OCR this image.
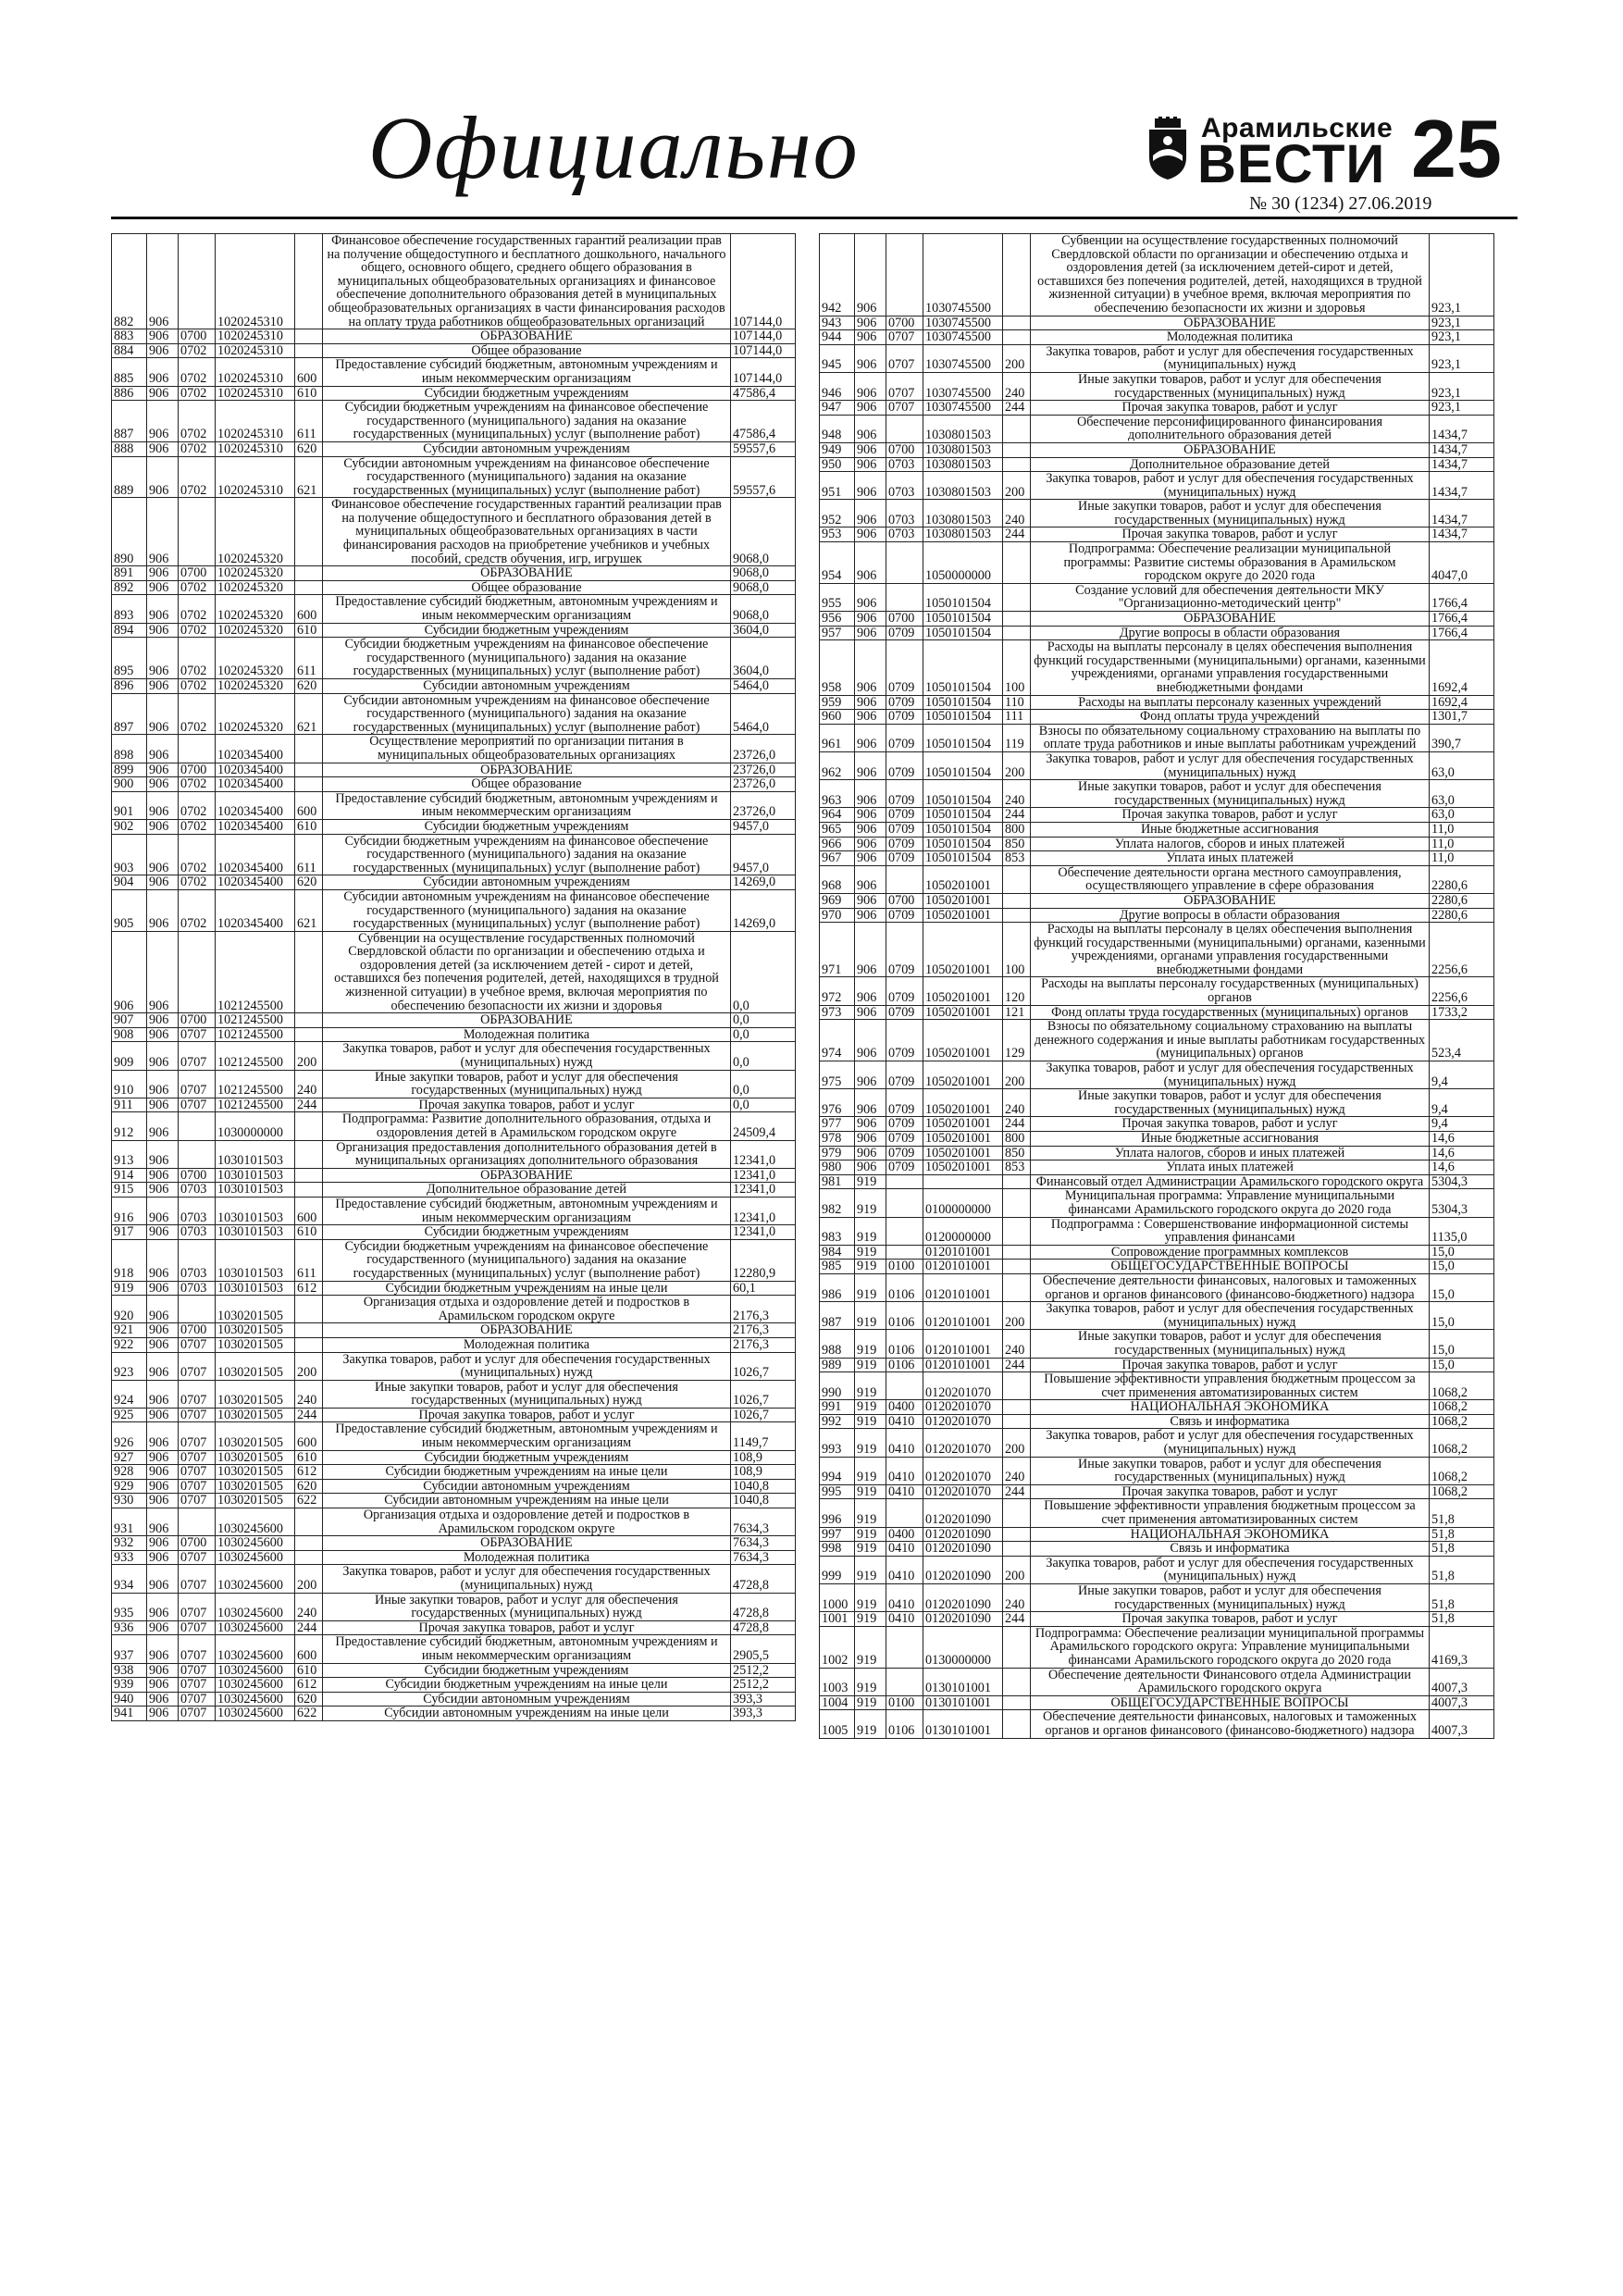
Официально	Арамильские
ВЕСТИ
№ 30 (1234) 27.06.2019
25
882	906		1020245310		Финансовое обеспечение государственных гарантий реализации прав на получение общедоступного и бесплатного дошкольного, начального общего, основного общего, среднего общего образования в муниципальных общеобразовательных организациях и финансовое обеспечение дополнительного образования детей в муниципальных общеобразовательных организациях в части финансирования расходов на оплату труда работников общеобразовательных организаций	107144,0
883	906	0700	1020245310		ОБРАЗОВАНИЕ	107144,0
884	906	0702	1020245310		Общее образование	107144,0
885	906	0702	1020245310	600	Предоставление субсидий бюджетным, автономным учреждениям и иным некоммерческим организациям	107144,0
886	906	0702	1020245310	610	Субсидии бюджетным учреждениям	47586,4
887	906	0702	1020245310	611	Субсидии бюджетным учреждениям на финансовое обеспечение государственного (муниципального) задания на оказание государственных (муниципальных) услуг (выполнение работ)	47586,4
888	906	0702	1020245310	620	Субсидии автономным учреждениям	59557,6
889	906	0702	1020245310	621	Субсидии автономным учреждениям на финансовое обеспечение государственного (муниципального) задания на оказание государственных (муниципальных) услуг (выполнение работ)	59557,6
890	906		1020245320		Финансовое обеспечение государственных гарантий реализации прав на получение общедоступного и бесплатного образования детей в муниципальных общеобразовательных организациях в части финансирования расходов на приобретение учебников и учебных пособий, средств обучения, игр, игрушек	9068,0
891	906	0700	1020245320		ОБРАЗОВАНИЕ	9068,0
892	906	0702	1020245320		Общее образование	9068,0
893	906	0702	1020245320	600	Предоставление субсидий бюджетным, автономным учреждениям и иным некоммерческим организациям	9068,0
894	906	0702	1020245320	610	Субсидии бюджетным учреждениям	3604,0
895	906	0702	1020245320	611	Субсидии бюджетным учреждениям на финансовое обеспечение государственного (муниципального) задания на оказание государственных (муниципальных) услуг (выполнение работ)	3604,0
896	906	0702	1020245320	620	Субсидии автономным учреждениям	5464,0
897	906	0702	1020245320	621	Субсидии автономным учреждениям на финансовое обеспечение государственного (муниципального) задания на оказание государственных (муниципальных) услуг (выполнение работ)	5464,0
898	906		1020345400		Осуществление мероприятий по организации питания в муниципальных общеобразовательных организациях	23726,0
899	906	0700	1020345400		ОБРАЗОВАНИЕ	23726,0
900	906	0702	1020345400		Общее образование	23726,0
901	906	0702	1020345400	600	Предоставление субсидий бюджетным, автономным учреждениям и иным некоммерческим организациям	23726,0
902	906	0702	1020345400	610	Субсидии бюджетным учреждениям	9457,0
903	906	0702	1020345400	611	Субсидии бюджетным учреждениям на финансовое обеспечение государственного (муниципального) задания на оказание государственных (муниципальных) услуг (выполнение работ)	9457,0
904	906	0702	1020345400	620	Субсидии автономным учреждениям	14269,0
905	906	0702	1020345400	621	Субсидии автономным учреждениям на финансовое обеспечение государственного (муниципального) задания на оказание государственных (муниципальных) услуг (выполнение работ)	14269,0
906	906		1021245500		Субвенции на осуществление государственных полномочий Свердловской области по организации и обеспечению отдыха и оздоровления детей (за исключением детей - сирот и детей, оставшихся без попечения родителей, детей, находящихся в трудной жизненной ситуации) в учебное время, включая мероприятия по обеспечению безопасности их жизни и здоровья	0,0
907	906	0700	1021245500		ОБРАЗОВАНИЕ	0,0
908	906	0707	1021245500		Молодежная политика	0,0
909	906	0707	1021245500	200	Закупка товаров, работ и услуг для обеспечения государственных (муниципальных) нужд	0,0
910	906	0707	1021245500	240	Иные закупки товаров, работ и услуг для обеспечения государственных (муниципальных) нужд	0,0
911	906	0707	1021245500	244	Прочая закупка товаров, работ и услуг	0,0
912	906		1030000000		Подпрограмма: Развитие дополнительного образования, отдыха и оздоровления детей в Арамильском городском округе	24509,4
913	906		1030101503		Организация предоставления дополнительного образования детей в муниципальных организациях дополнительного образования	12341,0
914	906	0700	1030101503		ОБРАЗОВАНИЕ	12341,0
915	906	0703	1030101503		Дополнительное образование детей	12341,0
916	906	0703	1030101503	600	Предоставление субсидий бюджетным, автономным учреждениям и иным некоммерческим организациям	12341,0
917	906	0703	1030101503	610	Субсидии бюджетным учреждениям	12341,0
918	906	0703	1030101503	611	Субсидии бюджетным учреждениям на финансовое обеспечение государственного (муниципального) задания на оказание государственных (муниципальных) услуг (выполнение работ)	12280,9
919	906	0703	1030101503	612	Субсидии бюджетным учреждениям на иные цели	60,1
920	906		1030201505		Организация отдыха и оздоровление детей и подростков в Арамильском городском округе	2176,3
921	906	0700	1030201505		ОБРАЗОВАНИЕ	2176,3
922	906	0707	1030201505		Молодежная политика	2176,3
923	906	0707	1030201505	200	Закупка товаров, работ и услуг для обеспечения государственных (муниципальных) нужд	1026,7
924	906	0707	1030201505	240	Иные закупки товаров, работ и услуг для обеспечения государственных (муниципальных) нужд	1026,7
925	906	0707	1030201505	244	Прочая закупка товаров, работ и услуг	1026,7
926	906	0707	1030201505	600	Предоставление субсидий бюджетным, автономным учреждениям и иным некоммерческим организациям	1149,7
927	906	0707	1030201505	610	Субсидии бюджетным учреждениям	108,9
928	906	0707	1030201505	612	Субсидии бюджетным учреждениям на иные цели	108,9
929	906	0707	1030201505	620	Субсидии автономным учреждениям	1040,8
930	906	0707	1030201505	622	Субсидии автономным учреждениям на иные цели	1040,8
931	906		1030245600		Организация отдыха и оздоровление детей и подростков в Арамильском городском округе	7634,3
932	906	0700	1030245600		ОБРАЗОВАНИЕ	7634,3
933	906	0707	1030245600		Молодежная политика	7634,3
934	906	0707	1030245600	200	Закупка товаров, работ и услуг для обеспечения государственных (муниципальных) нужд	4728,8
935	906	0707	1030245600	240	Иные закупки товаров, работ и услуг для обеспечения государственных (муниципальных) нужд	4728,8
936	906	0707	1030245600	244	Прочая закупка товаров, работ и услуг	4728,8
937	906	0707	1030245600	600	Предоставление субсидий бюджетным, автономным учреждениям и иным некоммерческим организациям	2905,5
938	906	0707	1030245600	610	Субсидии бюджетным учреждениям	2512,2
939	906	0707	1030245600	612	Субсидии бюджетным учреждениям на иные цели	2512,2
940	906	0707	1030245600	620	Субсидии автономным учреждениям	393,3
941	906	0707	1030245600	622	Субсидии автономным учреждениям на иные цели	393,3
942	906		1030745500		Субвенции на осуществление государственных полномочий Свердловской области по организации и обеспечению отдыха и оздоровления детей (за исключением детей-сирот и детей, оставшихся без попечения родителей, детей, находящихся в трудной жизненной ситуации) в учебное время, включая мероприятия по обеспечению безопасности их жизни и здоровья	923,1
943	906	0700	1030745500		ОБРАЗОВАНИЕ	923,1
944	906	0707	1030745500		Молодежная политика	923,1
945	906	0707	1030745500	200	Закупка товаров, работ и услуг для обеспечения государственных (муниципальных) нужд	923,1
946	906	0707	1030745500	240	Иные закупки товаров, работ и услуг для обеспечения государственных (муниципальных) нужд	923,1
947	906	0707	1030745500	244	Прочая закупка товаров, работ и услуг	923,1
948	906		1030801503		Обеспечение персонифицированного финансирования дополнительного образования детей	1434,7
949	906	0700	1030801503		ОБРАЗОВАНИЕ	1434,7
950	906	0703	1030801503		Дополнительное образование детей	1434,7
951	906	0703	1030801503	200	Закупка товаров, работ и услуг для обеспечения государственных (муниципальных) нужд	1434,7
952	906	0703	1030801503	240	Иные закупки товаров, работ и услуг для обеспечения государственных (муниципальных) нужд	1434,7
953	906	0703	1030801503	244	Прочая закупка товаров, работ и услуг	1434,7
954	906		1050000000		Подпрограмма: Обеспечение реализации муниципальной программы: Развитие системы образования в Арамильском городском округе до 2020 года	4047,0
955	906		1050101504		Создание условий для обеспечения деятельности МКУ "Организационно-методический центр"	1766,4
956	906	0700	1050101504		ОБРАЗОВАНИЕ	1766,4
957	906	0709	1050101504		Другие вопросы в области образования	1766,4
958	906	0709	1050101504	100	Расходы на выплаты персоналу в целях обеспечения выполнения функций государственными (муниципальными) органами, казенными учреждениями, органами управления государственными внебюджетными фондами	1692,4
959	906	0709	1050101504	110	Расходы на выплаты персоналу казенных учреждений	1692,4
960	906	0709	1050101504	111	Фонд оплаты труда учреждений	1301,7
961	906	0709	1050101504	119	Взносы по обязательному социальному страхованию на выплаты по оплате труда работников и иные выплаты работникам учреждений	390,7
962	906	0709	1050101504	200	Закупка товаров, работ и услуг для обеспечения государственных (муниципальных) нужд	63,0
963	906	0709	1050101504	240	Иные закупки товаров, работ и услуг для обеспечения государственных (муниципальных) нужд	63,0
964	906	0709	1050101504	244	Прочая закупка товаров, работ и услуг	63,0
965	906	0709	1050101504	800	Иные бюджетные ассигнования	11,0
966	906	0709	1050101504	850	Уплата налогов, сборов и иных платежей	11,0
967	906	0709	1050101504	853	Уплата иных платежей	11,0
968	906		1050201001		Обеспечение деятельности органа местного самоуправления, осуществляющего управление в сфере образования	2280,6
969	906	0700	1050201001		ОБРАЗОВАНИЕ	2280,6
970	906	0709	1050201001		Другие вопросы в области образования	2280,6
971	906	0709	1050201001	100	Расходы на выплаты персоналу в целях обеспечения выполнения функций государственными (муниципальными) органами, казенными учреждениями, органами управления государственными внебюджетными фондами	2256,6
972	906	0709	1050201001	120	Расходы на выплаты персоналу государственных (муниципальных) органов	2256,6
973	906	0709	1050201001	121	Фонд оплаты труда государственных (муниципальных) органов	1733,2
974	906	0709	1050201001	129	Взносы по обязательному социальному страхованию на выплаты денежного содержания и иные выплаты работникам государственных (муниципальных) органов	523,4
975	906	0709	1050201001	200	Закупка товаров, работ и услуг для обеспечения государственных (муниципальных) нужд	9,4
976	906	0709	1050201001	240	Иные закупки товаров, работ и услуг для обеспечения государственных (муниципальных) нужд	9,4
977	906	0709	1050201001	244	Прочая закупка товаров, работ и услуг	9,4
978	906	0709	1050201001	800	Иные бюджетные ассигнования	14,6
979	906	0709	1050201001	850	Уплата налогов, сборов и иных платежей	14,6
980	906	0709	1050201001	853	Уплата иных платежей	14,6
981	919				Финансовый отдел Администрации Арамильского городского округа	5304,3
982	919		0100000000		Муниципальная программа: Управление муниципальными финансами Арамильского городского округа до 2020 года	5304,3
983	919		0120000000		Подпрограмма : Совершенствование информационной системы управления финансами	1135,0
984	919		0120101001		Сопровождение программных комплексов	15,0
985	919	0100	0120101001		ОБЩЕГОСУДАРСТВЕННЫЕ ВОПРОСЫ	15,0
986	919	0106	0120101001		Обеспечение деятельности финансовых, налоговых и таможенных органов и органов финансового (финансово-бюджетного) надзора	15,0
987	919	0106	0120101001	200	Закупка товаров, работ и услуг для обеспечения государственных (муниципальных) нужд	15,0
988	919	0106	0120101001	240	Иные закупки товаров, работ и услуг для обеспечения государственных (муниципальных) нужд	15,0
989	919	0106	0120101001	244	Прочая закупка товаров, работ и услуг	15,0
990	919		0120201070		Повышение эффективности управления бюджетным процессом за счет применения автоматизированных систем	1068,2
991	919	0400	0120201070		НАЦИОНАЛЬНАЯ ЭКОНОМИКА	1068,2
992	919	0410	0120201070		Связь и информатика	1068,2
993	919	0410	0120201070	200	Закупка товаров, работ и услуг для обеспечения государственных (муниципальных) нужд	1068,2
994	919	0410	0120201070	240	Иные закупки товаров, работ и услуг для обеспечения государственных (муниципальных) нужд	1068,2
995	919	0410	0120201070	244	Прочая закупка товаров, работ и услуг	1068,2
996	919		0120201090		Повышение эффективности управления бюджетным процессом за счет применения автоматизированных систем	51,8
997	919	0400	0120201090		НАЦИОНАЛЬНАЯ ЭКОНОМИКА	51,8
998	919	0410	0120201090		Связь и информатика	51,8
999	919	0410	0120201090	200	Закупка товаров, работ и услуг для обеспечения государственных (муниципальных) нужд	51,8
1000	919	0410	0120201090	240	Иные закупки товаров, работ и услуг для обеспечения государственных (муниципальных) нужд	51,8
1001	919	0410	0120201090	244	Прочая закупка товаров, работ и услуг	51,8
1002	919		0130000000		Подпрограмма: Обеспечение реализации муниципальной программы Арамильского городского округа: Управление муниципальными финансами Арамильского городского округа до 2020 года	4169,3
1003	919		0130101001		Обеспечение деятельности Финансового отдела Администрации Арамильского городского округа	4007,3
1004	919	0100	0130101001		ОБЩЕГОСУДАРСТВЕННЫЕ ВОПРОСЫ	4007,3
1005	919	0106	0130101001		Обеспечение деятельности финансовых, налоговых и таможенных органов и органов финансового (финансово-бюджетного) надзора	4007,3
